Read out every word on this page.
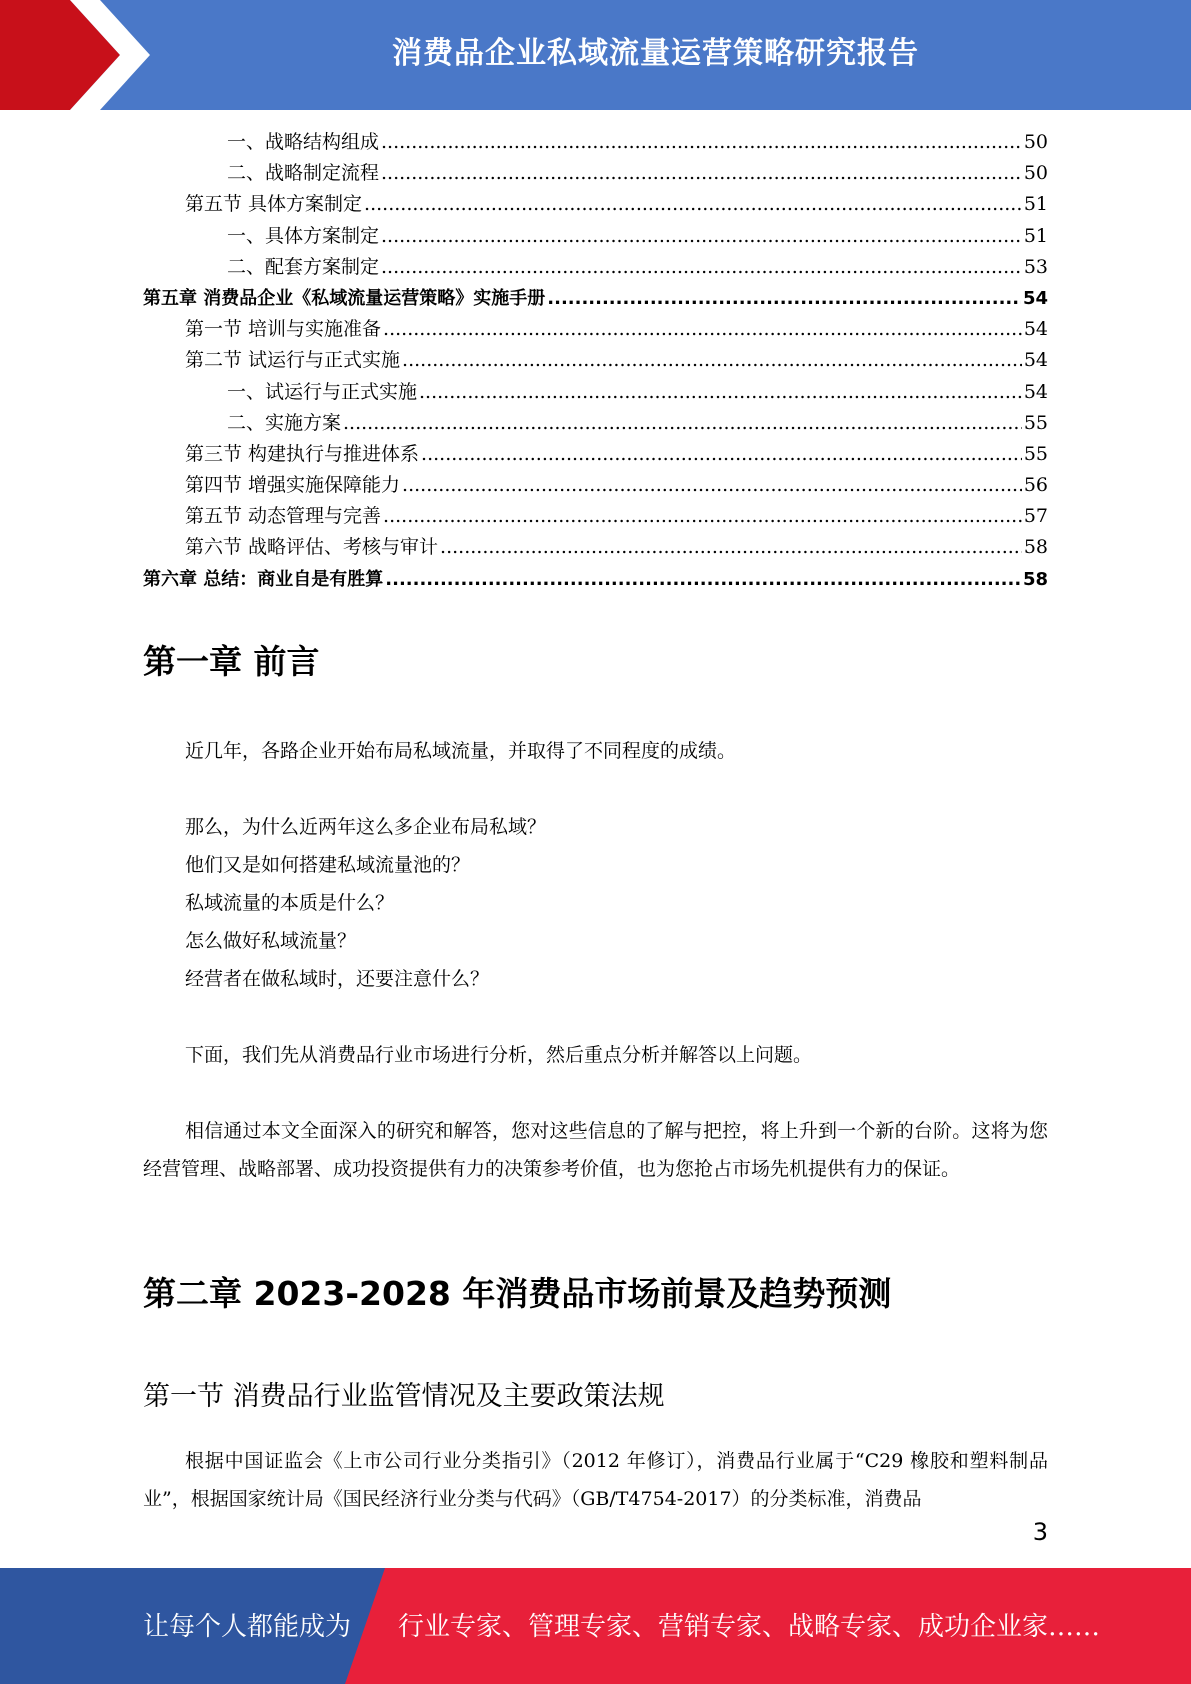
消费品企业私域流量运营策略研究报告
一、战略结构组成 .....	50
二、战略制定流程 .....	50
第五节 具体方案制定 .....	51
一、具体方案制定 .....	51
二、配套方案制定 .....	53
第五章 消费品企业《私域流量运营策略》实施手册 .....	54
第一节 培训与实施准备 .....	54
第二节 试运行与正式实施 .....	54
一、试运行与正式实施 .....	54
二、实施方案 .....	55
第三节 构建执行与推进体系 .....	55
第四节 增强实施保障能力 .....	56
第五节 动态管理与完善 .....	57
第六节 战略评估、考核与审计 .....	58
第六章 总结：商业自是有胜算 .....	58
第一章 前言

近几年，各路企业开始布局私域流量，并取得了不同程度的成绩。

那么，为什么近两年这么多企业布局私域？

他们又是如何搭建私域流量池的？

私域流量的本质是什么？

怎么做好私域流量？

经营者在做私域时，还要注意什么？

下面，我们先从消费品行业市场进行分析，然后重点分析并解答以上问题。

相信通过本文全面深入的研究和解答，您对这些信息的了解与把控，将上升到一个新的台阶。这将为您经营管理、战略部署、成功投资提供有力的决策参考价值，也为您抢占市场先机提供有力的保证。

第二章 2023-2028 年消费品市场前景及趋势预测
第一节 消费品行业监管情况及主要政策法规

根据中国证监会《上市公司行业分类指引》（2012 年修订），消费品行业属于“C29 橡胶和塑料制品业”，根据国家统计局《国民经济行业分类与代码》（GB/T4754-2017）的分类标准，消费品

3
让每个人都能成为 行业专家、管理专家、营销专家、战略专家、成功企业家……
